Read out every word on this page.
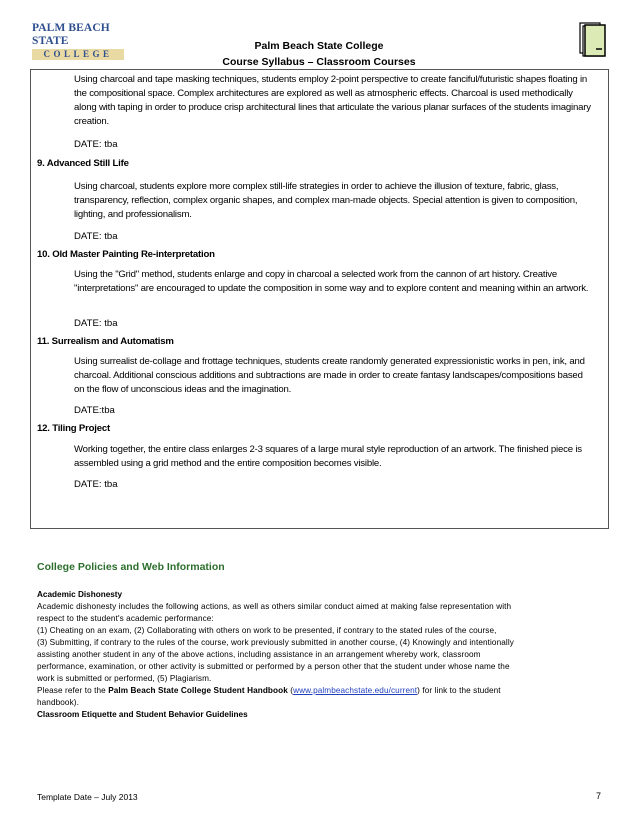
PALM BEACH STATE
COLLEGE
Palm Beach State College
Course Syllabus – Classroom Courses
Using charcoal and tape masking techniques, students employ 2-point perspective to create fanciful/futuristic shapes floating in the compositional space. Complex architectures are explored as well as atmospheric effects. Charcoal is used methodically along with taping in order to produce crisp architectural lines that articulate the various planar surfaces of the students imaginary creation.
DATE: tba
9. Advanced Still Life
Using charcoal, students explore more complex still-life strategies in order to achieve the illusion of texture, fabric, glass, transparency, reflection, complex organic shapes, and complex man-made objects. Special attention is given to composition, lighting, and professionalism.
DATE: tba
10. Old Master Painting Re-interpretation
Using the "Grid" method, students enlarge and copy in charcoal a selected work from the cannon of art history. Creative "interpretations" are encouraged to update the composition in some way and to explore content and meaning within an artwork.
DATE: tba
11. Surrealism and Automatism
Using surrealist de-collage and frottage techniques, students create randomly generated expressionistic works in pen, ink, and charcoal. Additional conscious additions and subtractions are made in order to create fantasy landscapes/compositions based on the flow of unconscious ideas and the imagination.
DATE:tba
12. Tiling Project
Working together, the entire class enlarges 2-3 squares of a large mural style reproduction of an artwork. The finished piece is assembled using a grid method and the entire composition becomes visible.
DATE: tba
College Policies and Web Information
Academic Dishonesty
Academic dishonesty includes the following actions, as well as others similar conduct aimed at making false representation with
respect to the student's academic performance:
(1) Cheating on an exam, (2) Collaborating with others on work to be presented, if contrary to the stated rules of the course,
(3) Submitting, if contrary to the rules of the course, work previously submitted in another course, (4) Knowingly and intentionally
assisting another student in any of the above actions, including assistance in an arrangement whereby work, classroom
performance, examination, or other activity is submitted or performed by a person other that the student under whose name the
work is submitted or performed, (5) Plagiarism.
Please refer to the Palm Beach State College Student Handbook (www.palmbeachstate.edu/current) for link to the student
handbook).
Classroom Etiquette and Student Behavior Guidelines
Template Date – July 2013	7
